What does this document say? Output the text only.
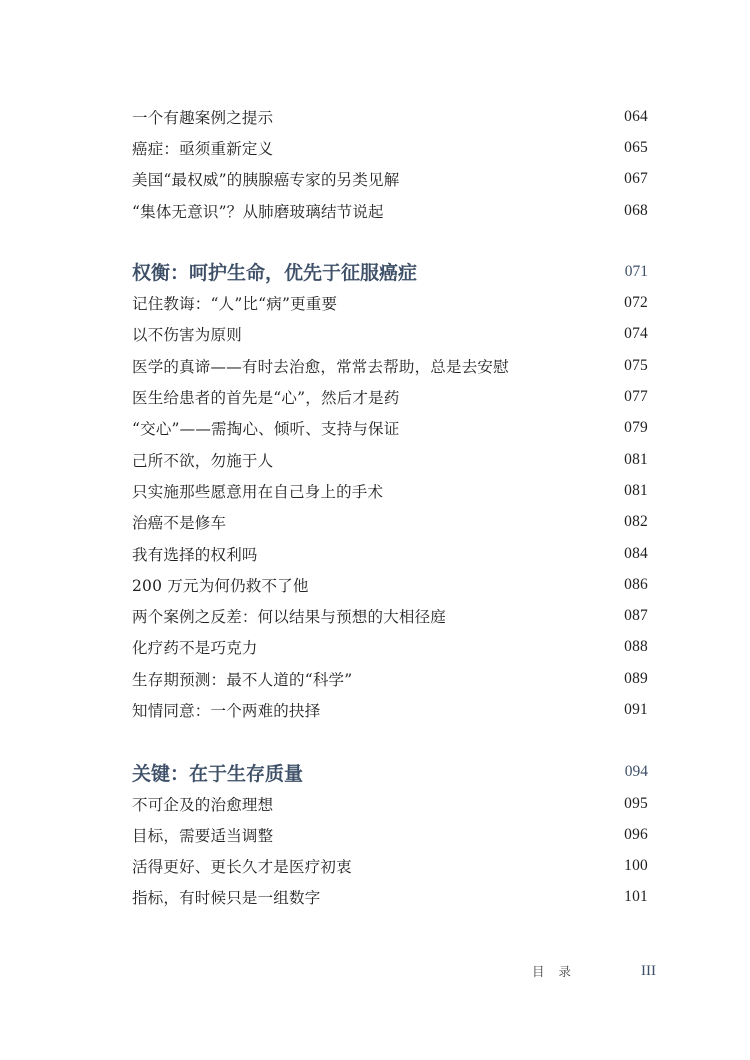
一个有趣案例之提示	064
癌症：亟须重新定义	065
美国“最权威”的胰腺癌专家的另类见解	067
“集体无意识”？从肺磨玻璃结节说起	068
权衡：呵护生命，优先于征服癌症	071
记住教诲：“人”比“病”更重要	072
以不伤害为原则	074
医学的真谛——有时去治愈，常常去帮助，总是去安慰	075
医生给患者的首先是“心”，然后才是药	077
“交心”——需掏心、倾听、支持与保证	079
己所不欲，勿施于人	081
只实施那些愿意用在自己身上的手术	081
治癌不是修车	082
我有选择的权利吗	084
200 万元为何仍救不了他	086
两个案例之反差：何以结果与预想的大相径庭	087
化疗药不是巧克力	088
生存期预测：最不人道的“科学”	089
知情同意：一个两难的抉择	091
关键：在于生存质量	094
不可企及的治愈理想	095
目标，需要适当调整	096
活得更好、更长久才是医疗初衷	100
指标，有时候只是一组数字	101
目录	III
